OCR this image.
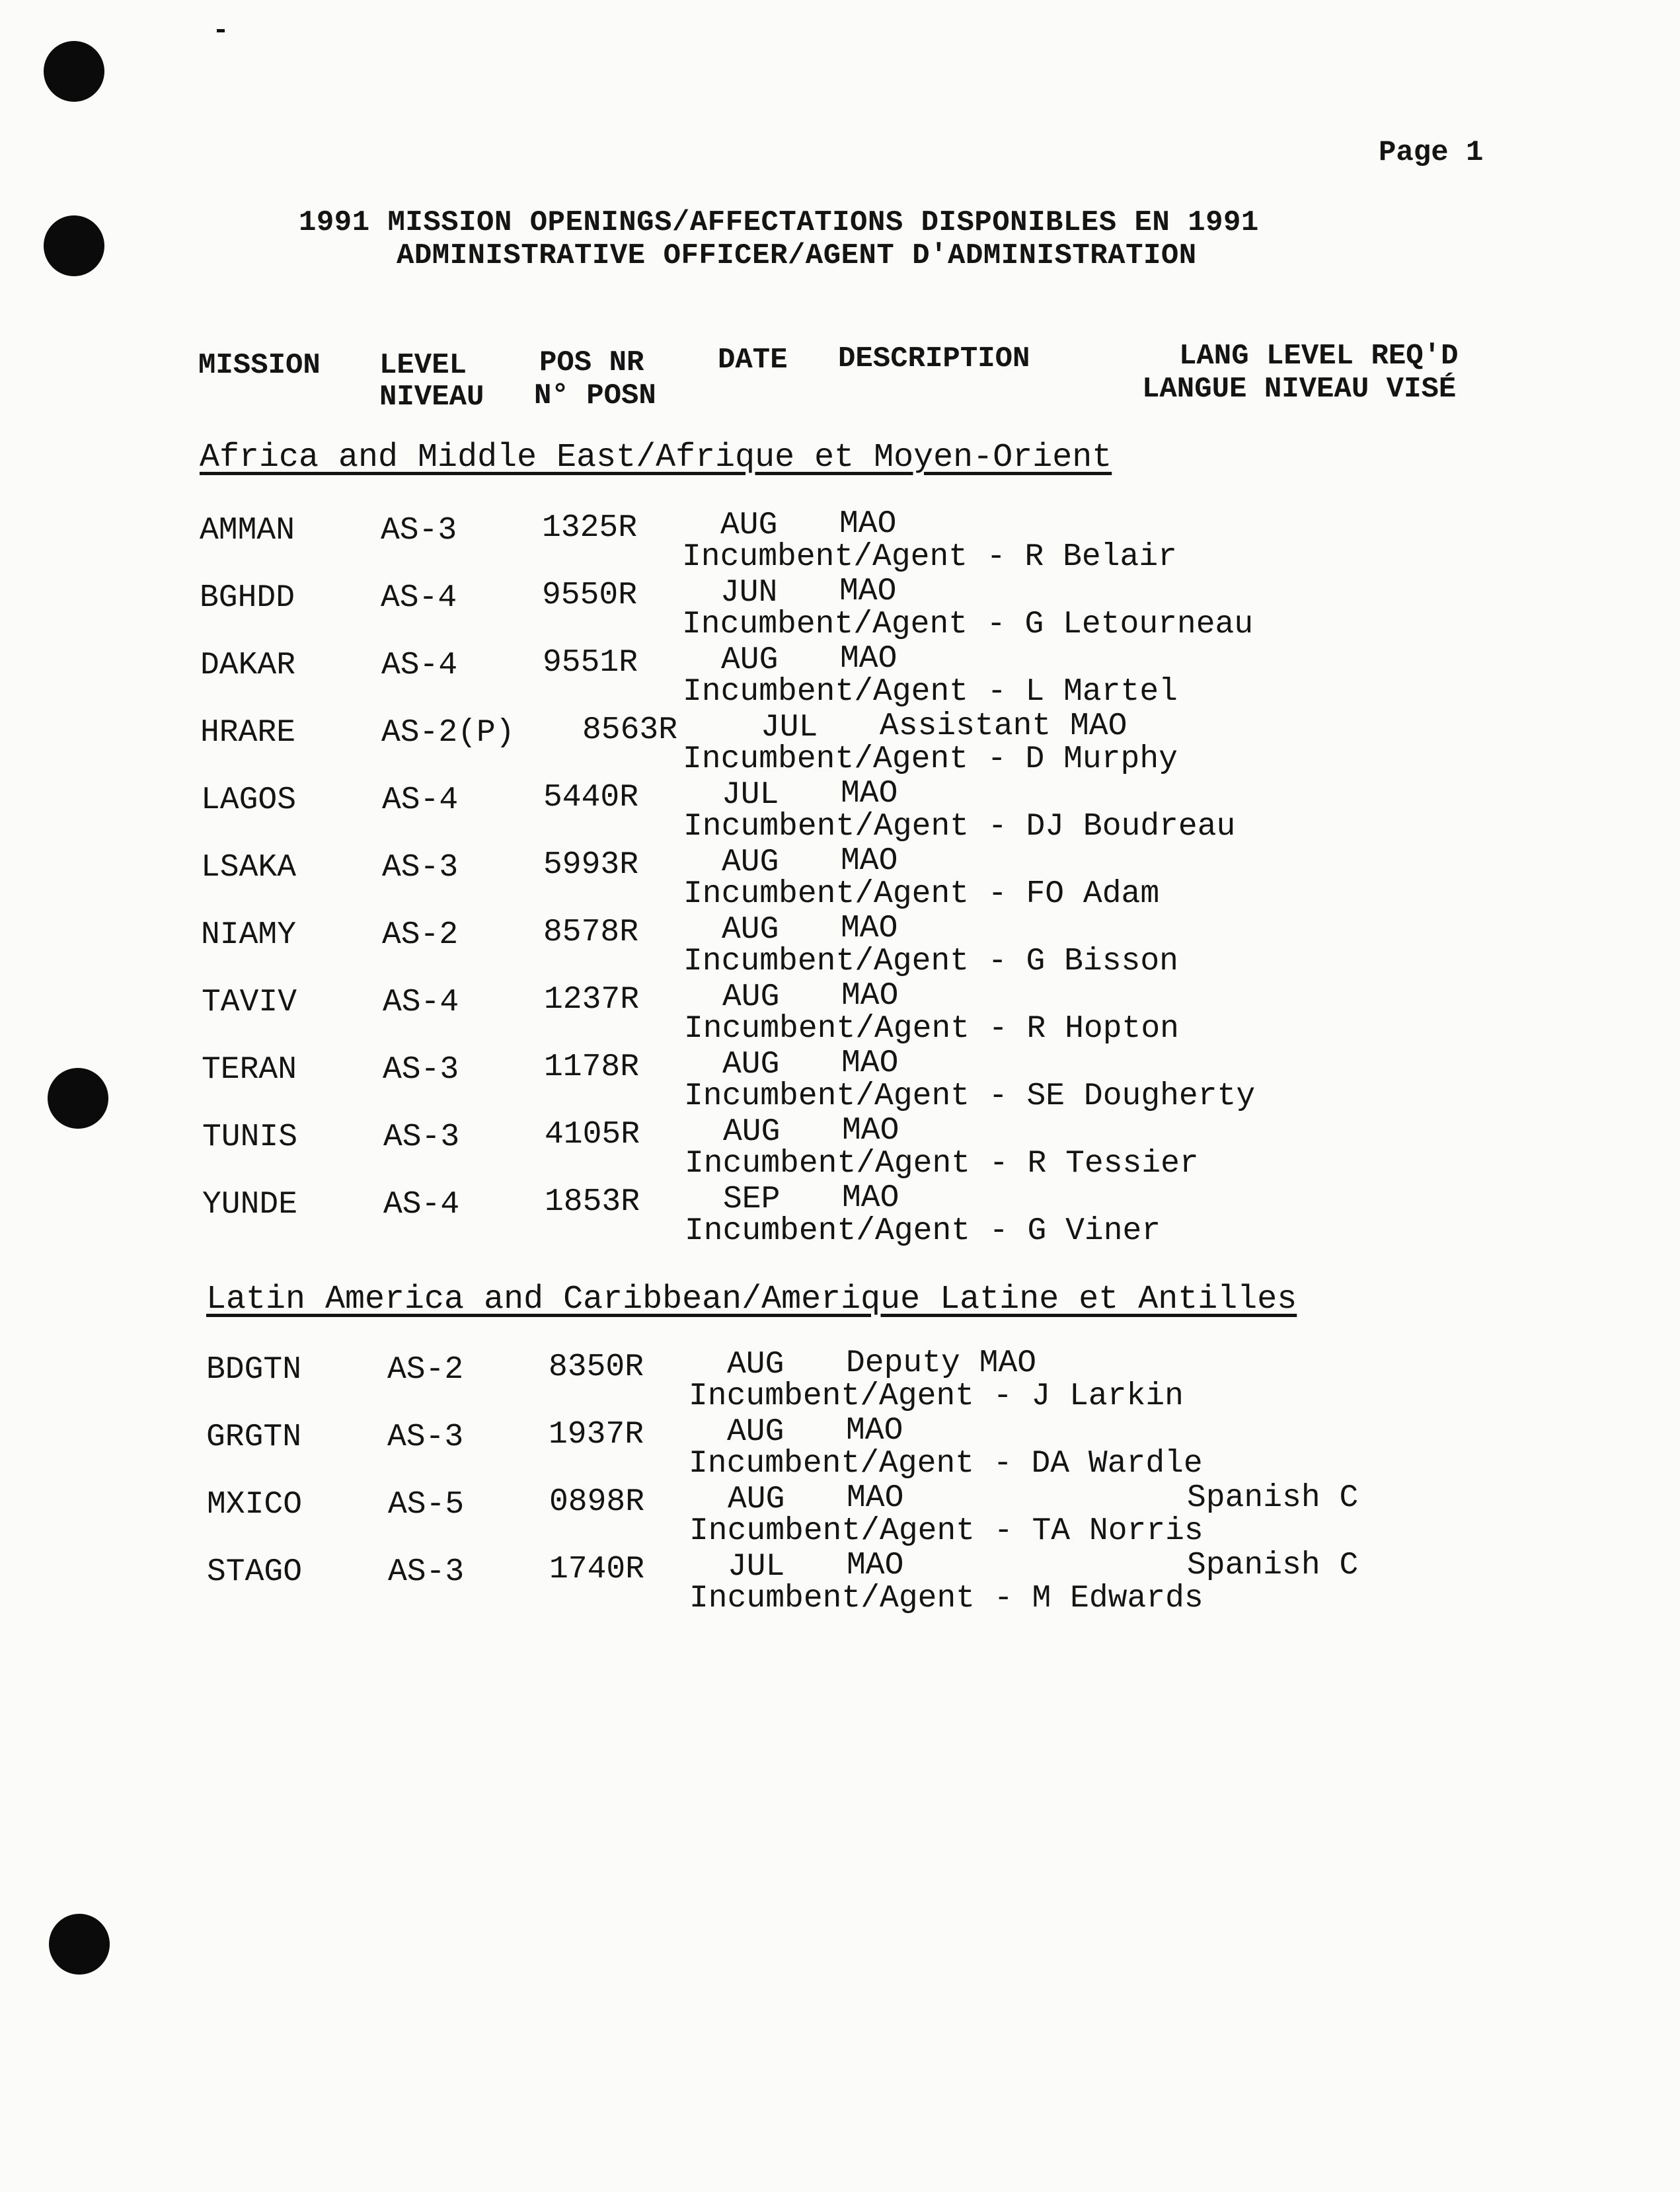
Page 1
1991 MISSION OPENINGS/AFFECTATIONS DISPONIBLES EN 1991
ADMINISTRATIVE OFFICER/AGENT D'ADMINISTRATION
MISSION LEVEL
NIVEAU
POS NR
N° POSN
DATE DESCRIPTION	LANG LEVEL REQ'D
LANGUE NIVEAU VISÉ
Africa and Middle East/Afrique et Moyen-Orient
AMMAN	AS-3	1325R	AUG MAO
Incumbent/Agent - R Belair
BGHDD	AS-4	9550R	JUN MAO
Incumbent/Agent - G Letourneau
DAKAR	AS-4	9551R	AUG MAO
Incumbent/Agent - L Martel
HRARE	AS-2(P) 8563R	JUL Assistant MAO
Incumbent/Agent - D Murphy
LAGOS	AS-4	5440R	JUL MAO
Incumbent/Agent - DJ Boudreau
LSAKA	AS-3	5993R	AUG MAO
Incumbent/Agent - FO Adam
NIAMY	AS-2	8578R	AUG MAO
Incumbent/Agent - G Bisson
TAVIV	AS-4	1237R	AUG MAO
Incumbent/Agent - R Hopton
TERAN	AS-3	1178R	AUG MAO
Incumbent/Agent - SE Dougherty
TUNIS	AS-3	4105R	AUG MAO
Incumbent/Agent - R Tessier
YUNDE	AS-4	1853R	SEP MAO
Incumbent/Agent - G Viner
Latin America and Caribbean/Amerique Latine et Antilles
BDGTN	AS-2	8350R	AUG Deputy MAO
Incumbent/Agent - J Larkin
GRGTN	AS-3	1937R	AUG MAO
Incumbent/Agent - DA Wardle
MXICO	AS-5	0898R	AUG MAO	Spanish C
Incumbent/Agent - TA Norris
STAGO	AS-3	1740R	JUL MAO	Spanish C
Incumbent/Agent - M Edwards
